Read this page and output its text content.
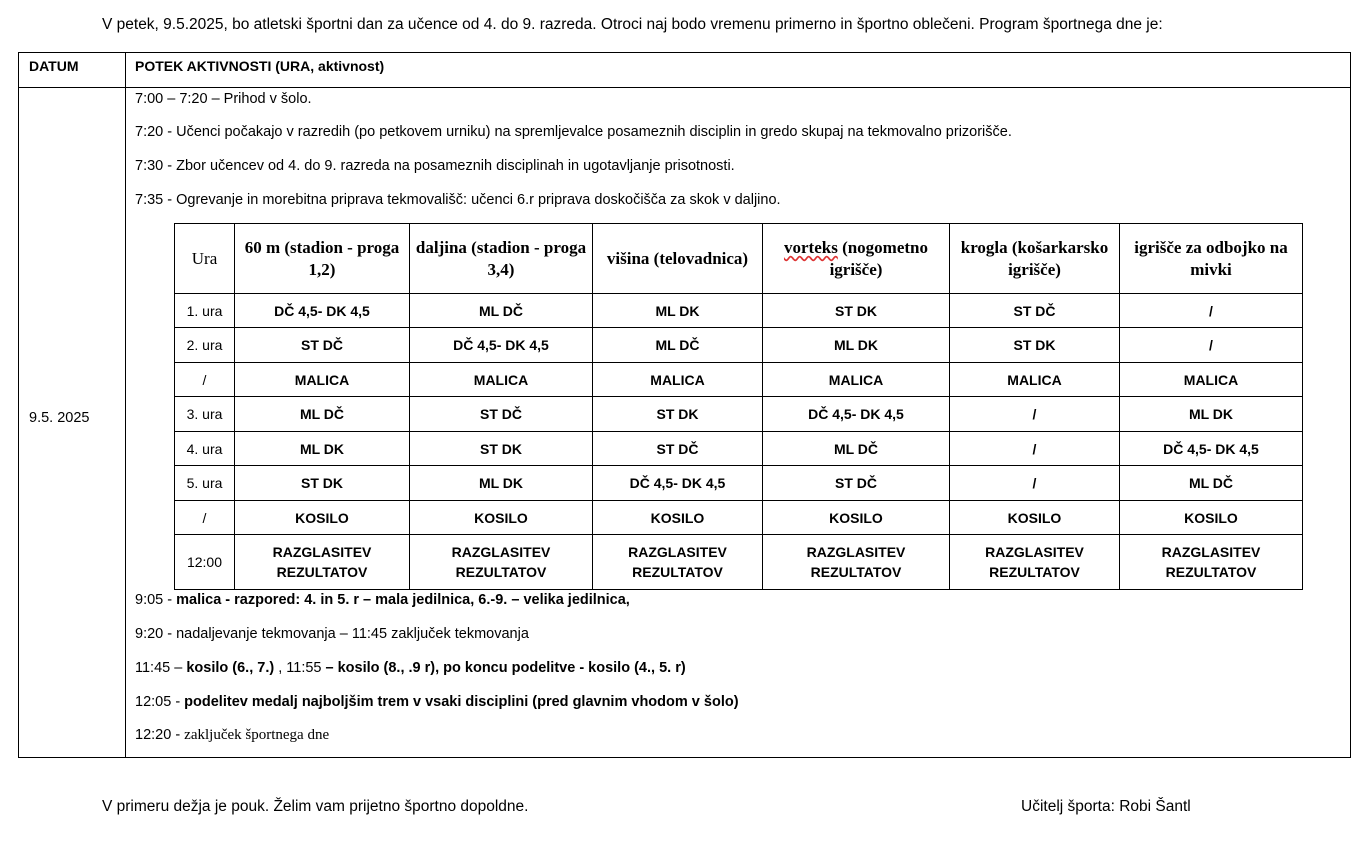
V petek, 9.5.2025, bo atletski športni dan za učence od 4. do 9. razreda. Otroci naj bodo vremenu primerno in športno oblečeni. Program športnega dne je:
DATUM	POTEK AKTIVNOSTI (URA, aktivnost)
9.5. 2025
7:00 – 7:20 – Prihod v šolo.
7:20 - Učenci počakajo v razredih (po petkovem urniku) na spremljevalce posameznih disciplin in gredo skupaj na tekmovalno prizorišče.
7:30 - Zbor učencev od 4. do 9. razreda na posameznih disciplinah in ugotavljanje prisotnosti.
7:35 - Ogrevanje in morebitna priprava tekmovališč: učenci 6.r priprava doskočišča za skok v daljino.
Ura	60 m (stadion - proga 1,2)	daljina (stadion - proga 3,4)	višina (telovadnica)	vorteks (nogometno igrišče)	krogla (košarkarsko igrišče)	igrišče za odbojko na mivki
1. ura	DČ 4,5- DK 4,5	ML DČ	ML DK	ST DK	ST DČ	/
2. ura	ST DČ	DČ 4,5- DK 4,5	ML DČ	ML DK	ST DK	/
/	MALICA	MALICA	MALICA	MALICA	MALICA	MALICA
3. ura	ML DČ	ST DČ	ST DK	DČ 4,5- DK 4,5	/	ML DK
4. ura	ML DK	ST DK	ST DČ	ML DČ	/	DČ 4,5- DK 4,5
5. ura	ST DK	ML DK	DČ 4,5- DK 4,5	ST DČ	/	ML DČ
/	KOSILO	KOSILO	KOSILO	KOSILO	KOSILO	KOSILO
12:00	RAZGLASITEV REZULTATOV	RAZGLASITEV REZULTATOV	RAZGLASITEV REZULTATOV	RAZGLASITEV REZULTATOV	RAZGLASITEV REZULTATOV	RAZGLASITEV REZULTATOV
9:05 - malica - razpored: 4. in 5. r – mala jedilnica, 6.-9. – velika jedilnica,
9:20 - nadaljevanje tekmovanja – 11:45 zaključek tekmovanja
11:45 – kosilo (6., 7.) , 11:55 – kosilo (8., .9 r), po koncu podelitve - kosilo (4., 5. r)
12:05 - podelitev medalj najboljšim trem v vsaki disciplini (pred glavnim vhodom v šolo)
12:20 - zaključek športnega dne
V primeru dežja je pouk. Želim vam prijetno športno dopoldne.	Učitelj športa: Robi Šantl
